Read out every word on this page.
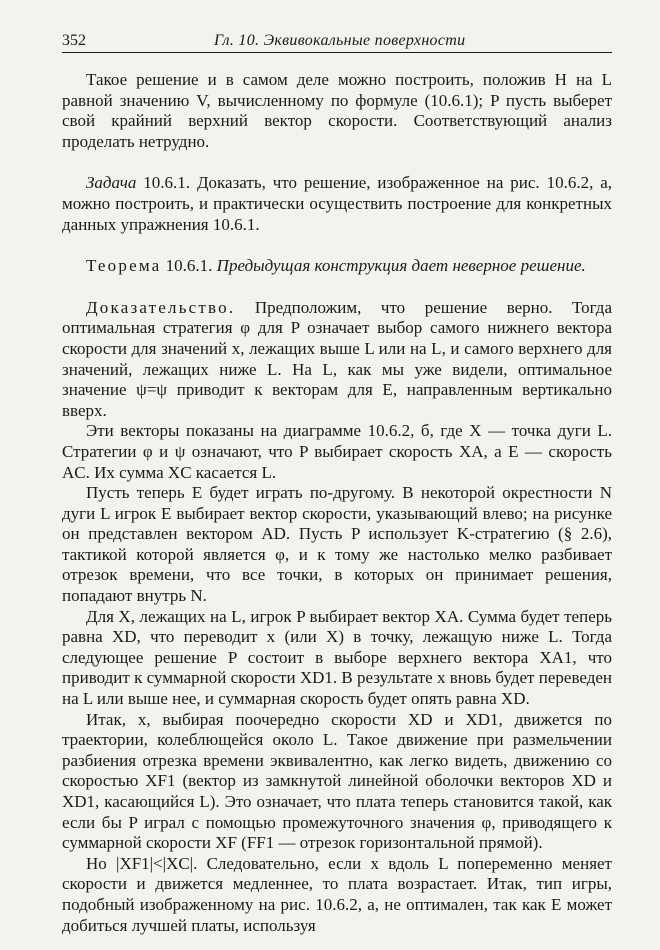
352	Гл. 10. Эквивокальные поверхности

Такое решение и в самом деле можно построить, положив H на L равной значению V, вычисленному по формуле (10.6.1); P пусть выберет свой крайний верхний вектор скорости. Соответствующий анализ проделать нетрудно.

Задача 10.6.1. Доказать, что решение, изображенное на рис. 10.6.2, а, можно построить, и практически осуществить построение для конкретных данных упражнения 10.6.1.

Теорема 10.6.1. Предыдущая конструкция дает неверное решение.

Доказательство. Предположим, что решение верно. Тогда оптимальная стратегия φ для P означает выбор самого нижнего вектора скорости для значений x, лежащих выше L или на L, и самого верхнего для значений, лежащих ниже L. На L, как мы уже видели, оптимальное значение ψ=ψ приводит к векторам для E, направленным вертикально вверх.

Эти векторы показаны на диаграмме 10.6.2, б, где X — точка дуги L. Стратегии φ и ψ означают, что P выбирает скорость XA, а E — скорость AC. Их сумма XC касается L.

Пусть теперь E будет играть по-другому. В некоторой окрестности N дуги L игрок E выбирает вектор скорости, указывающий влево; на рисунке он представлен вектором AD. Пусть P использует K-стратегию (§ 2.6), тактикой которой является φ, и к тому же настолько мелко разбивает отрезок времени, что все точки, в которых он принимает решения, попадают внутрь N.

Для X, лежащих на L, игрок P выбирает вектор XA. Сумма будет теперь равна XD, что переводит x (или X) в точку, лежащую ниже L. Тогда следующее решение P состоит в выборе верхнего вектора XA1, что приводит к суммарной скорости XD1. В результате x вновь будет переведен на L или выше нее, и суммарная скорость будет опять равна XD.

Итак, x, выбирая поочередно скорости XD и XD1, движется по траектории, колеблющейся около L. Такое движение при размельчении разбиения отрезка времени эквивалентно, как легко видеть, движению со скоростью XF1 (вектор из замкнутой линейной оболочки векторов XD и XD1, касающийся L). Это означает, что плата теперь становится такой, как если бы P играл с помощью промежуточного значения φ, приводящего к суммарной скорости XF (FF1 — отрезок горизонтальной прямой).

Но |XF1|<|XC|. Следовательно, если x вдоль L попеременно меняет скорости и движется медленнее, то плата возрастает. Итак, тип игры, подобный изображенному на рис. 10.6.2, а, не оптимален, так как E может добиться лучшей платы, используя
